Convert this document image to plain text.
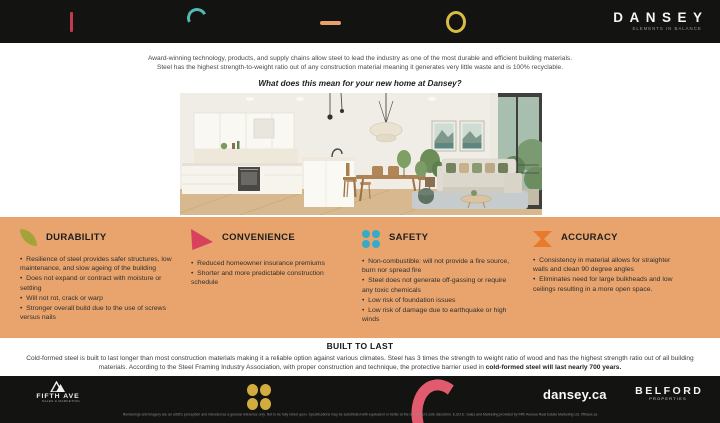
DANSEY
ELEMENTS IN BALANCE
Award-winning technology, products, and supply chains allow steel to lead the industry as one of the most durable and efficient building materials.
Steel has the highest strength-to-weight ratio out of any construction material meaning it generates very little waste and is 100% recyclable.
What does this mean for your new home at Dansey?
DURABILITY
•  Resilience of steel provides safer structures, low maintenance, and slow ageing of the building
•  Does not expand or contract with moisture or settling
•  Will not rot, crack or warp
•  Stronger overall build due to the use of screws versus nails
CONVENIENCE
•  Reduced homeowner insurance premiums
•  Shorter and more predictable construction schedule
SAFETY
•  Non-combustible: will not provide a fire source, burn nor spread fire
•  Steel does not generate off-gassing or require any toxic chemicals
•  Low risk of foundation issues
•  Low risk of damage due to earthquake or high winds
ACCURACY
•  Consistency in material allows for straighter walls and clean 90 degree angles
•  Eliminates need for large bulkheads and low ceilings resulting in a more open space.
BUILT TO LAST
Cold-formed steel is built to last longer than most construction materials making it a reliable option against various climates. Steel has 3 times the strength to weight ratio of wood and has the highest strength ratio out of all building materials. According to the Steel Framing Industry Association, with proper construction and technique, the protective barrier used in cold-formed steel will last nearly 700 years.
FIFTH AVE
SALES & MARKETING	dansey.ca	BELFORD
PROPERTIES
Renderings and imagery are an artist's perception and intended as a general reference only. Not to be fully relied upon. Specifications may be substituted with equivalent or better at the developer's sole discretion. E.&O.E. Sales and Marketing provided by Fifth Avenue Real Estate Marketing Ltd. fifthave.ca
